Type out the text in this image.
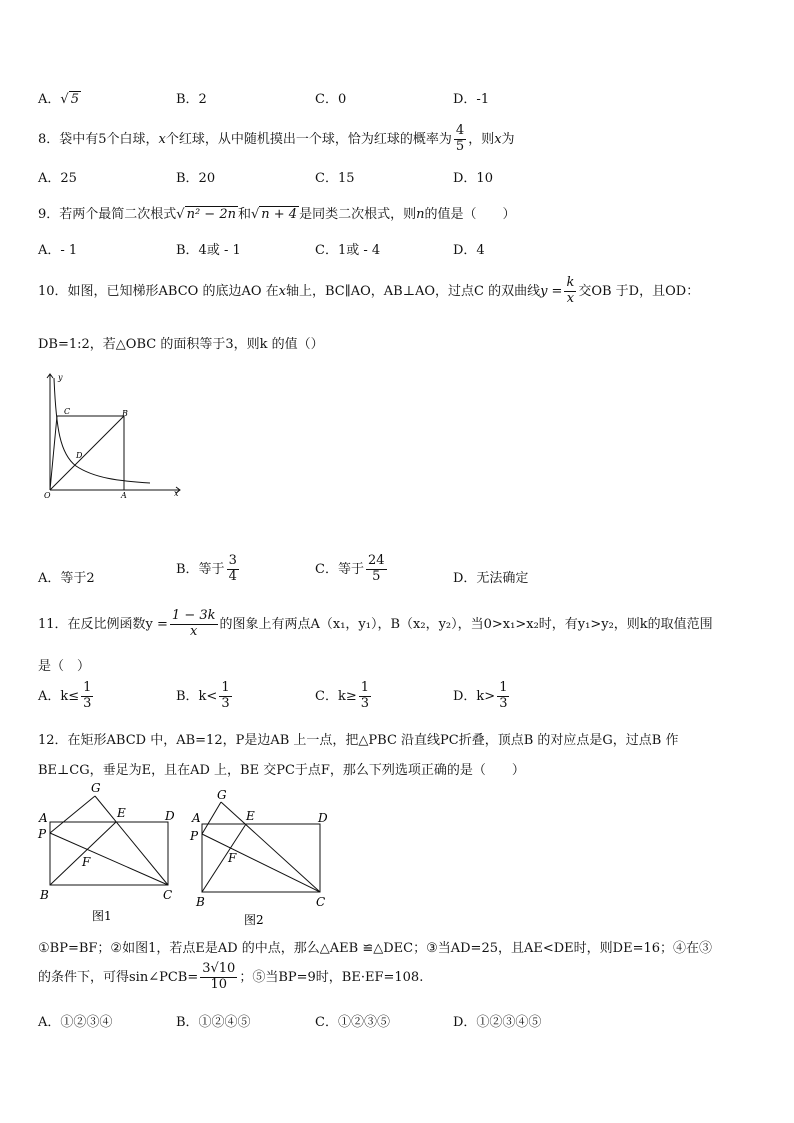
A．√ 5	B．2	C．0	D．-1
8．袋中有5个白球，x个红球，从中随机摸出一个球，恰为红球的概率为 $\frac{4}{5}$ ，则x为
A．25	B．20	C．15	D．10
9．若两个最简二次根式√ n² − 2n 和√ n + 4 是同类二次根式，则n的值是（　　）
A．- 1	B．4或 - 1	C．1或 - 4	D．4
10．如图，已知梯形ABCO 的底边AO 在x轴上，BC∥AO，AB⊥AO，过点C 的双曲线$y = \frac{k}{x}$ 交OB 于D，且OD：
DB=1:2，若△OBC 的面积等于3，则k 的值（）
y
x
C	B
D
O	A
A．等于2
B．等于 $\frac{3}{4}$	C．等于 $\frac{24}{5}$	D．无法确定
11．在反比例函数$y = \frac{1 - 3k}{x}$ 的图象上有两点A（x₁，y₁），B（x₂，y₂），当0>x₁>x₂时，有y₁>y₂，则k的取值范围
是（　）
A．$k\le \frac{1}{3}$	B．$k< \frac{1}{3}$	C．$k\ge \frac{1}{3}$	D．$k> \frac{1}{3}$
12．在矩形ABCD 中，AB=12，P是边AB 上一点，把△PBC 沿直线PC折叠，顶点B 的对应点是G，过点B 作
BE⊥CG，垂足为E，且在AD 上，BE 交PC于点F，那么下列选项正确的是（　　）
G
A	E	D
P
F
B	C
图1
G
A	E	D
P
F
B	C
图2
①BP=BF；②如图1，若点E是AD 的中点，那么△AEB ≌△DEC；③当AD=25，且AE<DE时，则DE=16；④在③
的条件下，可得sin∠PCB= $\frac{3√10}{10}$ ；⑤当BP=9时，BE·EF=108.
A．①②③④	B．①②④⑤	C．①②③⑤	D．①②③④⑤
